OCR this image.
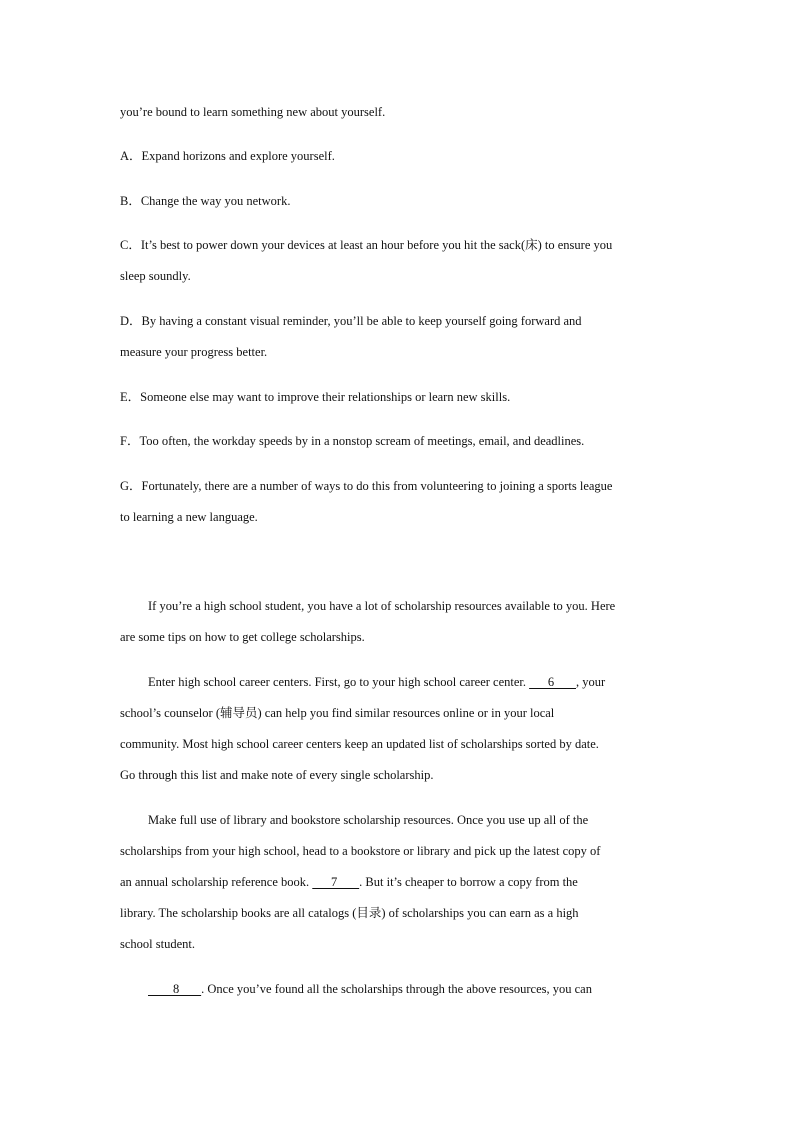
you’re bound to learn something new about yourself.
A．Expand horizons and explore yourself.
B．Change the way you network.
C．It’s best to power down your devices at least an hour before you hit the sack(床) to ensure you
sleep soundly.
D．By having a constant visual reminder, you’ll be able to keep yourself going forward and
measure your progress better.
E．Someone else may want to improve their relationships or learn new skills.
F．Too often, the workday speeds by in a nonstop scream of meetings, email, and deadlines.
G．Fortunately, there are a number of ways to do this from volunteering to joining a sports league
to learning a new language.
If you’re a high school student, you have a lot of scholarship resources available to you. Here
are some tips on how to get college scholarships.
Enter high school career centers. First, go to your high school career center.       6       , your
school’s counselor (辅导员) can help you find similar resources online or in your local
community. Most high school career centers keep an updated list of scholarships sorted by date.
Go through this list and make note of every single scholarship.
Make full use of library and bookstore scholarship resources. Once you use up all of the
scholarships from your high school, head to a bookstore or library and pick up the latest copy of
an annual scholarship reference book.       7       . But it’s cheaper to borrow a copy from the
library. The scholarship books are all catalogs (目录) of scholarships you can earn as a high
school student.
8       . Once you’ve found all the scholarships through the above resources, you can
